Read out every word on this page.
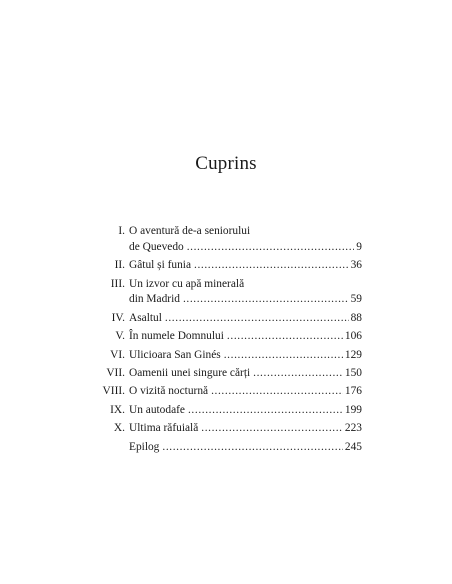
Cuprins
I. O aventură de-a seniorului
de Quevedo .....	9
II. Gâtul și funia .....	36
III. Un izvor cu apă minerală
din Madrid .....	59
IV. Asaltul .....	88
V. În numele Domnului .....	106
VI. Ulicioara San Ginés .....	129
VII. Oamenii unei singure cărți .....	150
VIII. O vizită nocturnă .....	176
IX. Un autodafe .....	199
X. Ultima răfuială .....	223
Epilog .....	245
